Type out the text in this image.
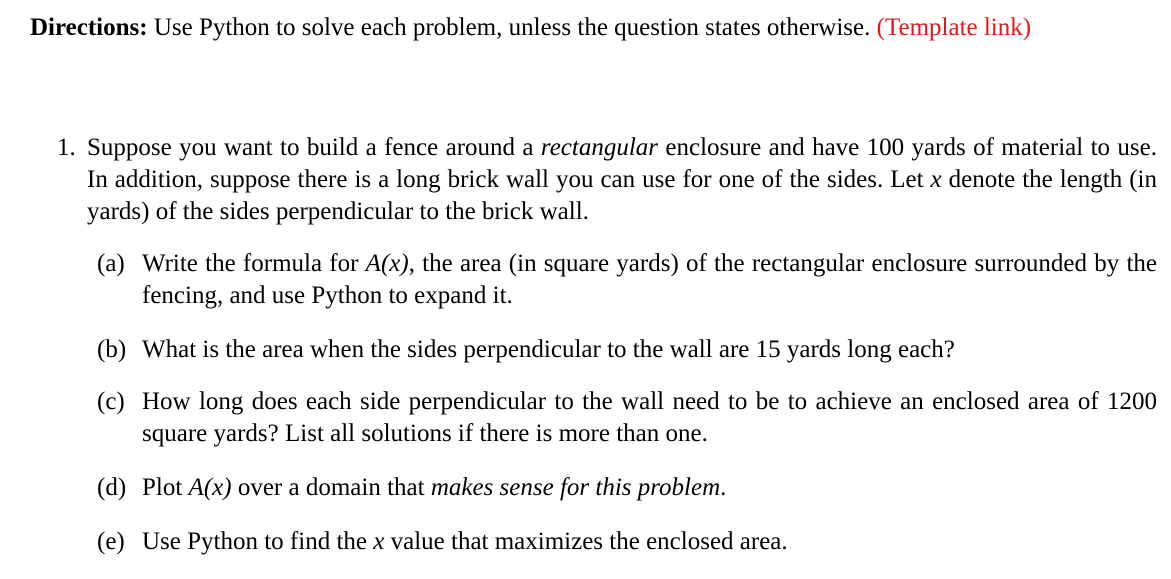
Directions: Use Python to solve each problem, unless the question states otherwise. (Template link)
1. Suppose you want to build a fence around a rectangular enclosure and have 100 yards of material to use. In addition, suppose there is a long brick wall you can use for one of the sides. Let x denote the length (in yards) of the sides perpendicular to the brick wall.
(a) Write the formula for A(x), the area (in square yards) of the rectangular enclosure surrounded by the fencing, and use Python to expand it.
(b) What is the area when the sides perpendicular to the wall are 15 yards long each?
(c) How long does each side perpendicular to the wall need to be to achieve an enclosed area of 1200 square yards? List all solutions if there is more than one.
(d) Plot A(x) over a domain that makes sense for this problem.
(e) Use Python to find the x value that maximizes the enclosed area.
